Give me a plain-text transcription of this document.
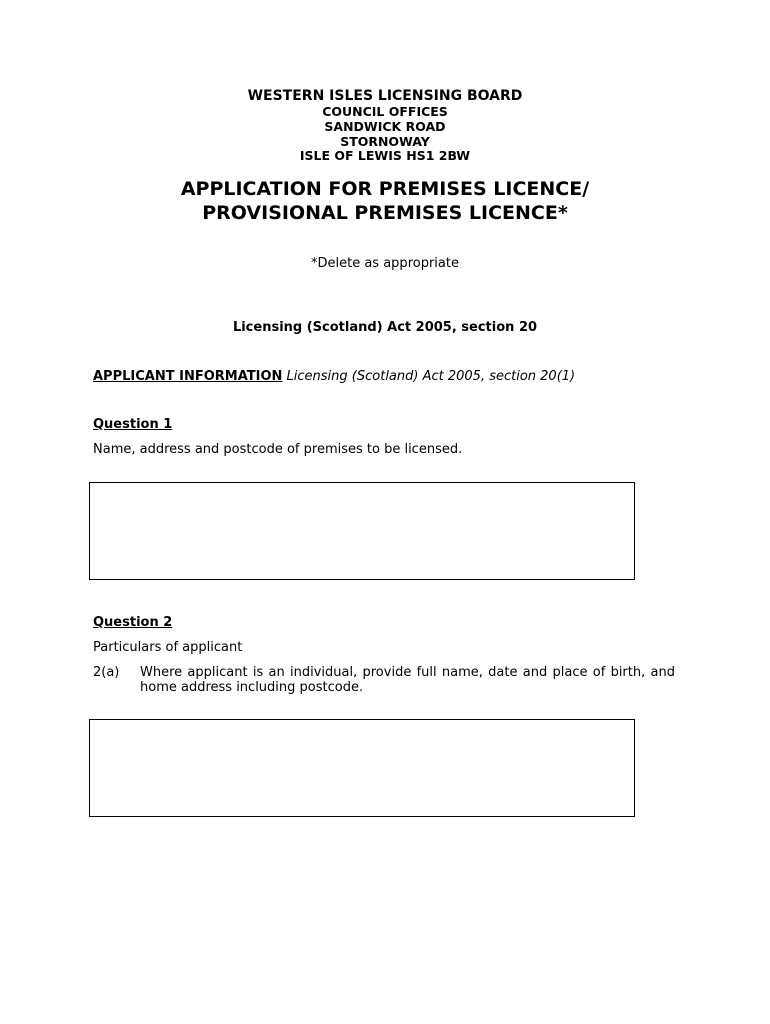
WESTERN ISLES LICENSING BOARD
COUNCIL OFFICES
SANDWICK ROAD
STORNOWAY
ISLE OF LEWIS HS1 2BW
APPLICATION FOR PREMISES LICENCE/
PROVISIONAL PREMISES LICENCE*
*Delete as appropriate
Licensing (Scotland) Act 2005, section 20
APPLICANT INFORMATION Licensing (Scotland) Act 2005, section 20(1)
Question 1
Name, address and postcode of premises to be licensed.
Question 2
Particulars of applicant
2(a) Where applicant is an individual, provide full name, date and place of birth, and home address including postcode.
